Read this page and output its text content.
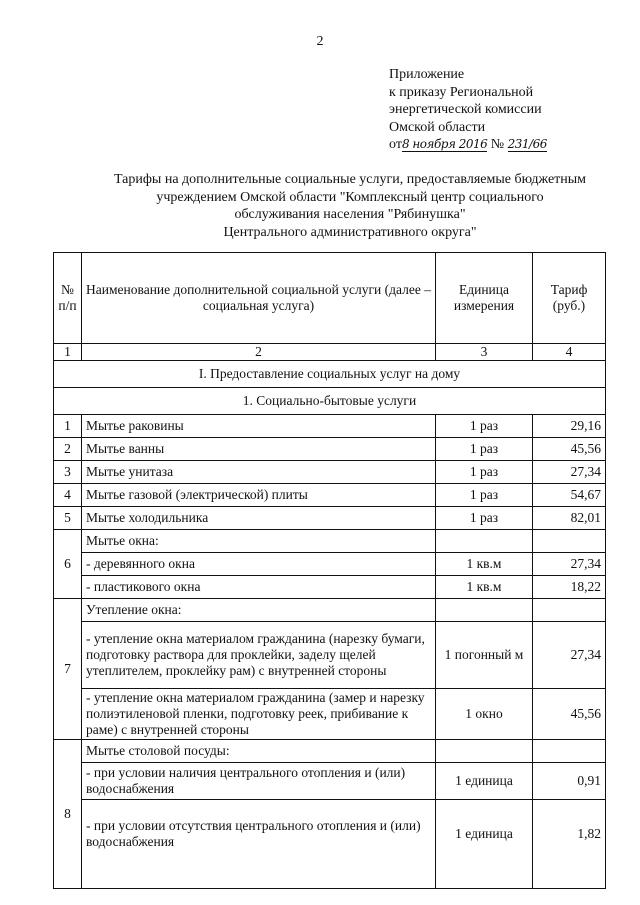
2
Приложение
к приказу Региональной
энергетической комиссии
Омской области
от8 ноября 2016 № 231/66
Тарифы на дополнительные социальные услуги, предоставляемые бюджетным
учреждением Омской области "Комплексный центр социального
обслуживания населения "Рябинушка"
Центрального административного округа"
№ п/п	Наименование дополнительной социальной услуги (далее – социальная услуга)	Единица измерения	Тариф (руб.)
1	2	3	4
I. Предоставление социальных услуг на дому			
1. Социально-бытовые услуги			
1	Мытье раковины	1 раз	29,16
2	Мытье ванны	1 раз	45,56
3	Мытье унитаза	1 раз	27,34
4	Мытье газовой (электрической) плиты	1 раз	54,67
5	Мытье холодильника	1 раз	82,01
6	Мытье окна:		
	- деревянного окна	1 кв.м	27,34
	- пластикового окна	1 кв.м	18,22
7	Утепление окна:		
	- утепление окна материалом гражданина (нарезку бумаги, подготовку раствора для проклейки, заделу щелей утеплителем, проклейку рам) с внутренней стороны	1 погонный м	27,34
	- утепление окна материалом гражданина (замер и нарезку полиэтиленовой пленки, подготовку реек, прибивание к раме) с внутренней стороны	1 окно	45,56
8	Мытье столовой посуды:		
	- при условии наличия центрального отопления и (или) водоснабжения	1 единица	0,91
	- при условии отсутствия центрального отопления и (или) водоснабжения	1 единица	1,82
